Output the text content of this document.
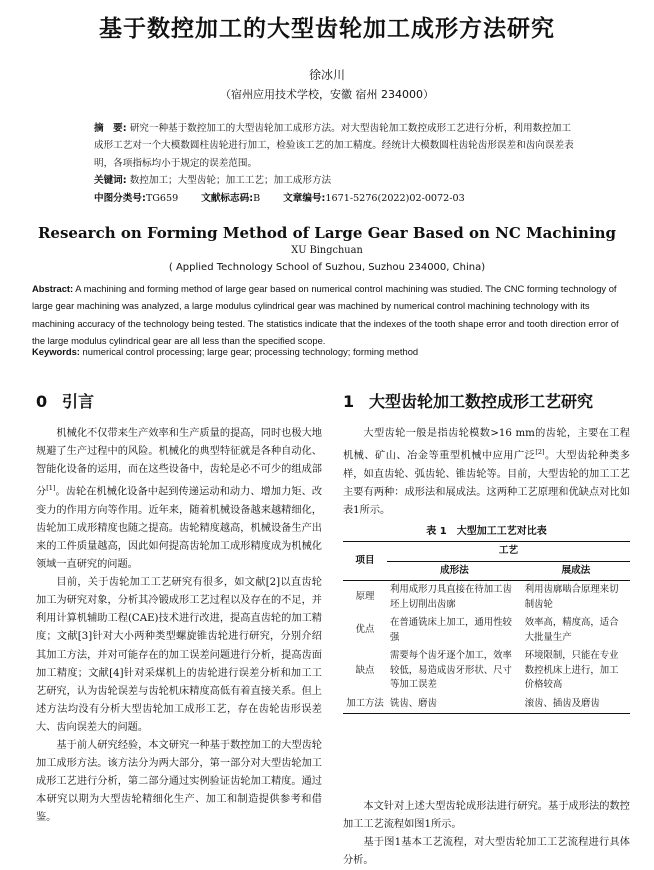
基于数控加工的大型齿轮加工成形方法研究
徐冰川
（宿州应用技术学校，安徽 宿州 234000）
摘　要: 研究一种基于数控加工的大型齿轮加工成形方法。对大型齿轮加工数控成形工艺进行分析，利用数控加工成形工艺对一个大模数圆柱齿轮进行加工，检验该工艺的加工精度。经统计大模数圆柱齿轮齿形误差和齿向误差表明，各项指标均小于规定的误差范围。
关键词: 数控加工；大型齿轮；加工工艺；加工成形方法
中图分类号:TG659 文献标志码:B 文章编号:1671-5276(2022)02-0072-03
Research on Forming Method of Large Gear Based on NC Machining
XU Bingchuan
( Applied Technology School of Suzhou, Suzhou 234000, China)
Abstract: A machining and forming method of large gear based on numerical control machining was studied. The CNC forming technology of large gear machining was analyzed, a large modulus cylindrical gear was machined by numerical control machining technology with its machining accuracy of the technology being tested. The statistics indicate that the indexes of the tooth shape error and tooth direction error of the large modulus cylindrical gear are all less than the specified scope.
Keywords: numerical control processing; large gear; processing technology; forming method
0 引言

机械化不仅带来生产效率和生产质量的提高，同时也极大地规避了生产过程中的风险。机械化的典型特征就是各种自动化、智能化设备的运用，而在这些设备中，齿轮是必不可少的组成部分[1]。齿轮在机械化设备中起到传递运动和动力、增加力矩、改变力的作用方向等作用。近年来，随着机械设备越来越精细化，齿轮加工成形精度也随之提高。齿轮精度越高，机械设备生产出来的工件质量越高，因此如何提高齿轮加工成形精度成为机械化领域一直研究的问题。

目前，关于齿轮加工工艺研究有很多，如文献[2]以直齿轮加工为研究对象，分析其冷锻成形工艺过程以及存在的不足，并利用计算机辅助工程(CAE)技术进行改进，提高直齿轮的加工精度；文献[3]针对大小两种类型螺旋锥齿轮进行研究，分别介绍其加工方法，并对可能存在的加工误差问题进行分析，提高齿面加工精度；文献[4]针对采煤机上的齿轮进行误差分析和加工工艺研究，认为齿轮误差与齿轮机床精度高低有着直接关系。但上述方法均没有分析大型齿轮加工成形工艺，存在齿轮齿形误差大、齿向误差大的问题。

基于前人研究经验，本文研究一种基于数控加工的大型齿轮加工成形方法。该方法分为两大部分，第一部分对大型齿轮加工成形工艺进行分析，第二部分通过实例验证齿轮加工精度。通过本研究以期为大型齿轮精细化生产、加工和制造提供参考和借鉴。

1 大型齿轮加工数控成形工艺研究

大型齿轮一般是指齿轮模数>16 mm的齿轮，主要在工程机械、矿山、冶金等重型机械中应用广泛[2]。大型齿轮种类多样，如直齿轮、弧齿轮、锥齿轮等。目前，大型齿轮的加工工艺主要有两种：成形法和展成法。这两种工艺原理和优缺点对比如表1所示。

表 1　大型加工工艺对比表
项目	工艺	
	成形法	展成法
原理	利用成形刀具直接在待加工齿坯上切削出齿廓	利用齿廓啮合原理来切制齿轮
优点	在普通铣床上加工，通用性较强	效率高，精度高，适合大批量生产
缺点	需要每个齿牙逐个加工，效率较低，易造成齿牙形状、尺寸等加工误差	环境限制，只能在专业数控机床上进行，加工价格较高
加工方法	铣齿、磨齿	滚齿、插齿及磨齿

本文针对上述大型齿轮成形法进行研究。基于成形法的数控加工工艺流程如图1所示。

基于图1基本工艺流程，对大型齿轮加工工艺流程进行具体分析。
